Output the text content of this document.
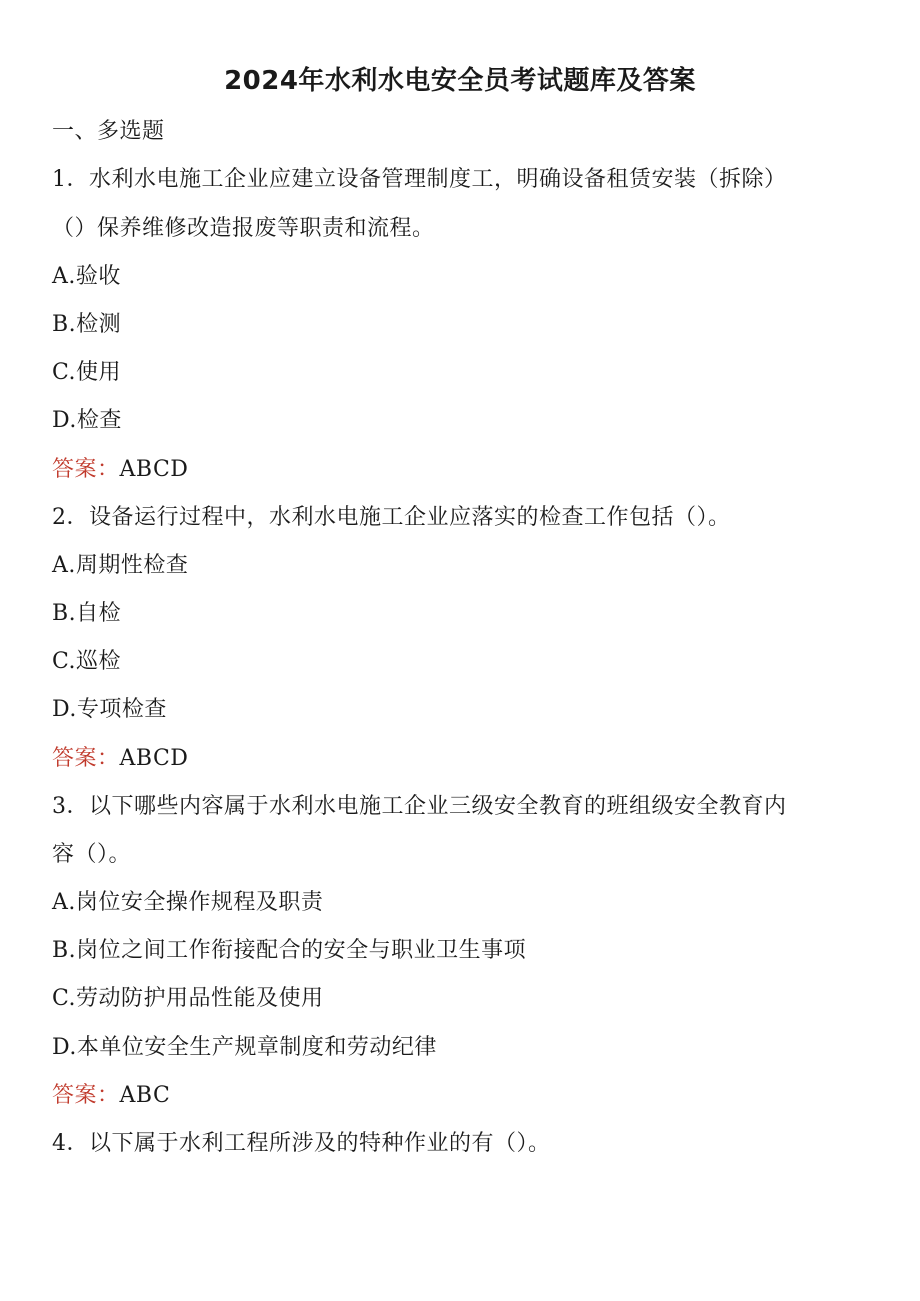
2024年水利水电安全员考试题库及答案
一、多选题
1．水利水电施工企业应建立设备管理制度工，明确设备租赁安装（拆除）
（）保养维修改造报废等职责和流程。
A.验收
B.检测
C.使用
D.检查
答案：ABCD
2．设备运行过程中，水利水电施工企业应落实的检查工作包括（）。
A.周期性检查
B.自检
C.巡检
D.专项检查
答案：ABCD
3．以下哪些内容属于水利水电施工企业三级安全教育的班组级安全教育内
容（）。
A.岗位安全操作规程及职责
B.岗位之间工作衔接配合的安全与职业卫生事项
C.劳动防护用品性能及使用
D.本单位安全生产规章制度和劳动纪律
答案：ABC
4．以下属于水利工程所涉及的特种作业的有（）。
